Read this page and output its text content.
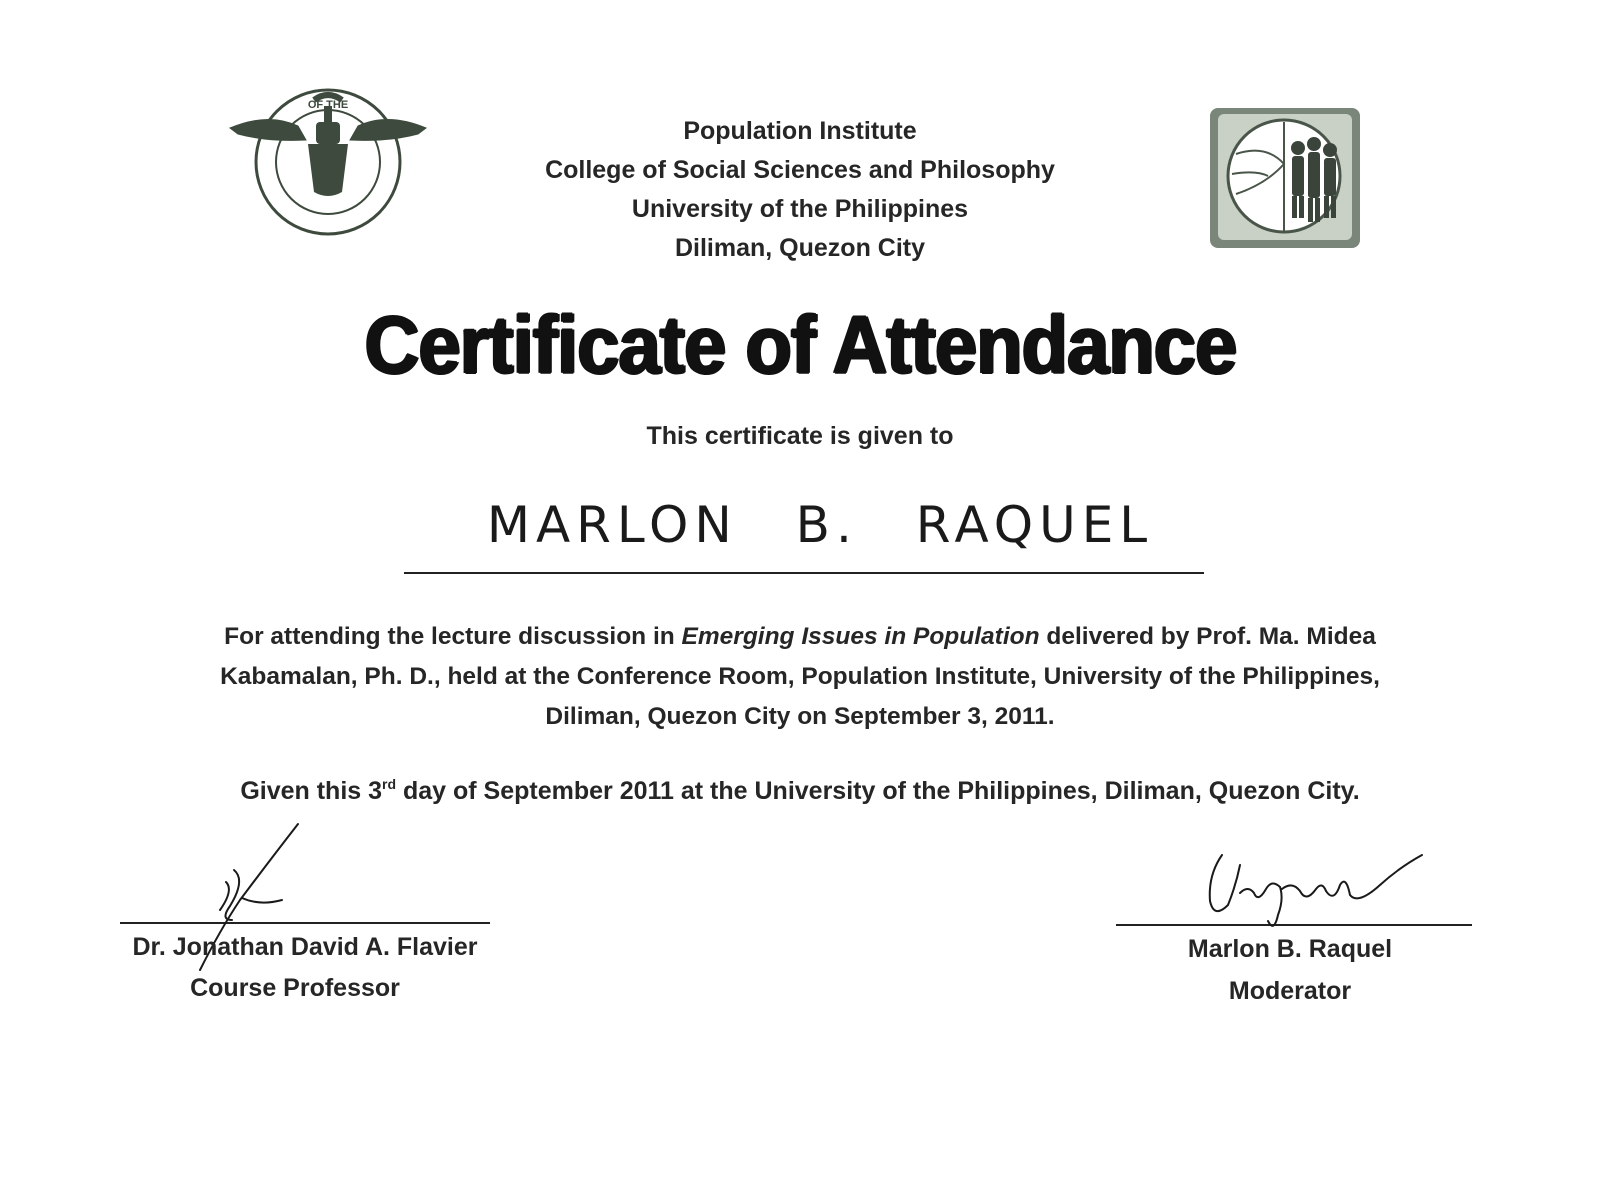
OF THE
Population Institute
College of Social Sciences and Philosophy
University of the Philippines
Diliman, Quezon City
Certificate of Attendance
This certificate is given to
MARLON B. RAQUEL
For attending the lecture discussion in Emerging Issues in Population delivered by Prof. Ma. Midea
Kabamalan, Ph. D., held at the Conference Room, Population Institute, University of the Philippines,
Diliman, Quezon City on September 3, 2011.
Given this 3rd day of September 2011 at the University of the Philippines, Diliman, Quezon City.
Dr. Jonathan David A. Flavier
Course Professor
Marlon B. Raquel
Moderator
